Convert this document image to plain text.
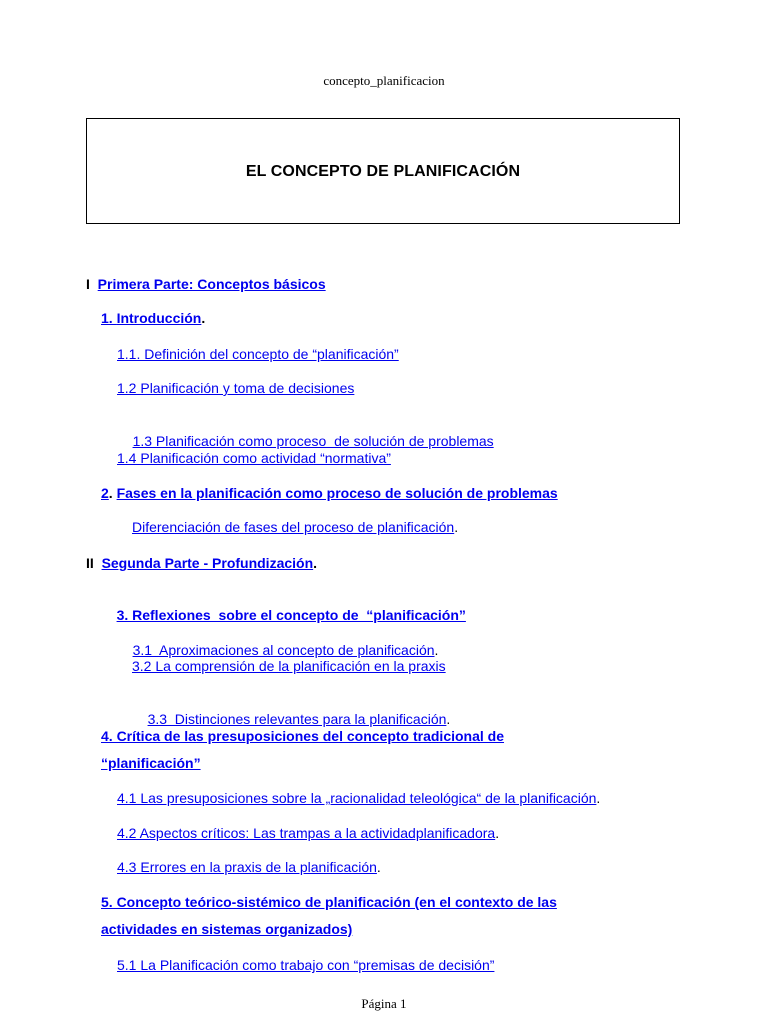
concepto_planificacion
EL CONCEPTO DE PLANIFICACIÓN
I Primera Parte: Conceptos básicos
1. Introducción.
1.1. Definición del concepto de “planificación”
1.2 Planificación y toma de decisiones

1.3 Planificación como proceso  de solución de problemas

1.4 Planificación como actividad “normativa”
2. Fases en la planificación como proceso de solución de problemas
Diferenciación de fases del proceso de planificación.
II Segunda Parte - Profundización.

3. Reflexiones  sobre el concepto de  “planificación”

3.1  Aproximaciones al concepto de planificación.

3.2 La comprensión de la planificación en la praxis

3.3  Distinciones relevantes para la planificación.

4. Crítica de las presuposiciones del concepto tradicional de
“planificación”
4.1 Las presuposiciones sobre la „racionalidad teleológica“ de la planificación.
4.2 Aspectos críticos: Las trampas a la actividadplanificadora.
4.3 Errores en la praxis de la planificación.
5. Concepto teórico-sistémico de planificación (en el contexto de las
actividades en sistemas organizados)
5.1 La Planificación como trabajo con “premisas de decisión”
Página 1
